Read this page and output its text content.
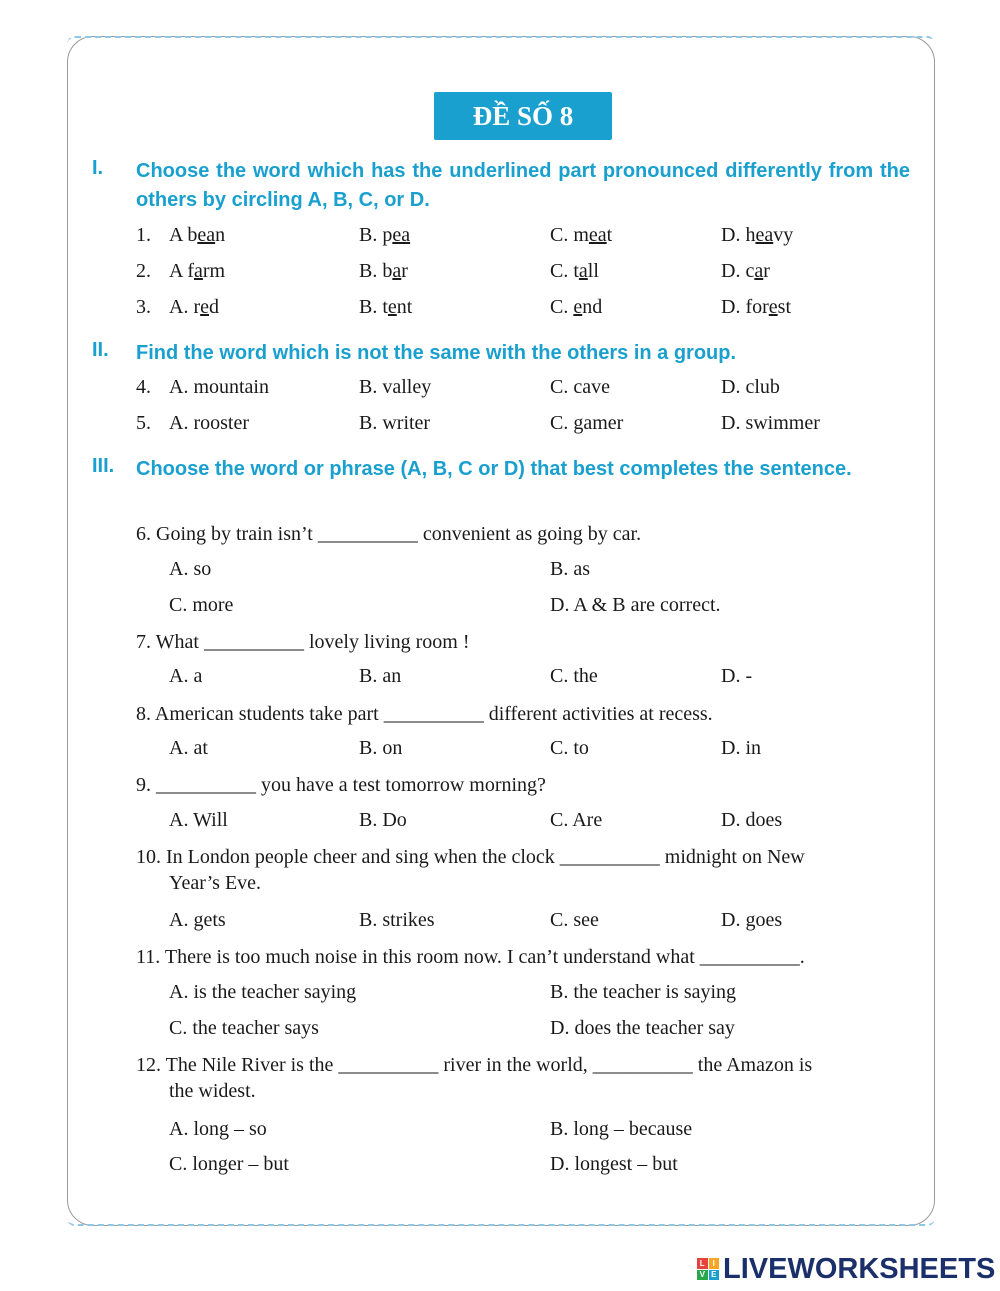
ĐỀ SỐ 8
I. Choose the word which has the underlined part pronounced differently from the others by circling A, B, C, or D.
1. A bean	B. pea	C. meat	D. heavy
2. A farm	B. bar	C. tall	D. car
3. A. red	B. tent	C. end	D. forest
II. Find the word which is not the same with the others in a group.
4. A. mountain	B. valley	C. cave	D. club
5. A. rooster	B. writer	C. gamer	D. swimmer
III. Choose the word or phrase (A, B, C or D) that best completes the sentence.
6. Going by train isn’t __________ convenient as going by car.
A. so	B. as
C. more	D. A & B are correct.
7. What __________ lovely living room !
A. a	B. an	C. the	D. -
8. American students take part __________ different activities at recess.
A. at	B. on	C. to	D. in
9. __________ you have a test tomorrow morning?
A. Will	B. Do	C. Are	D. does
10. In London people cheer and sing when the clock __________ midnight on New
Year’s Eve.
A. gets	B. strikes	C. see	D. goes
11. There is too much noise in this room now. I can’t understand what __________.
A. is the teacher saying	B. the teacher is saying
C. the teacher says	D. does the teacher say
12. The Nile River is the __________ river in the world, __________ the Amazon is
the widest.
A. long – so	B. long – because
C. longer – but	D. longest – but
L I
V E LIVEWORKSHEETS
